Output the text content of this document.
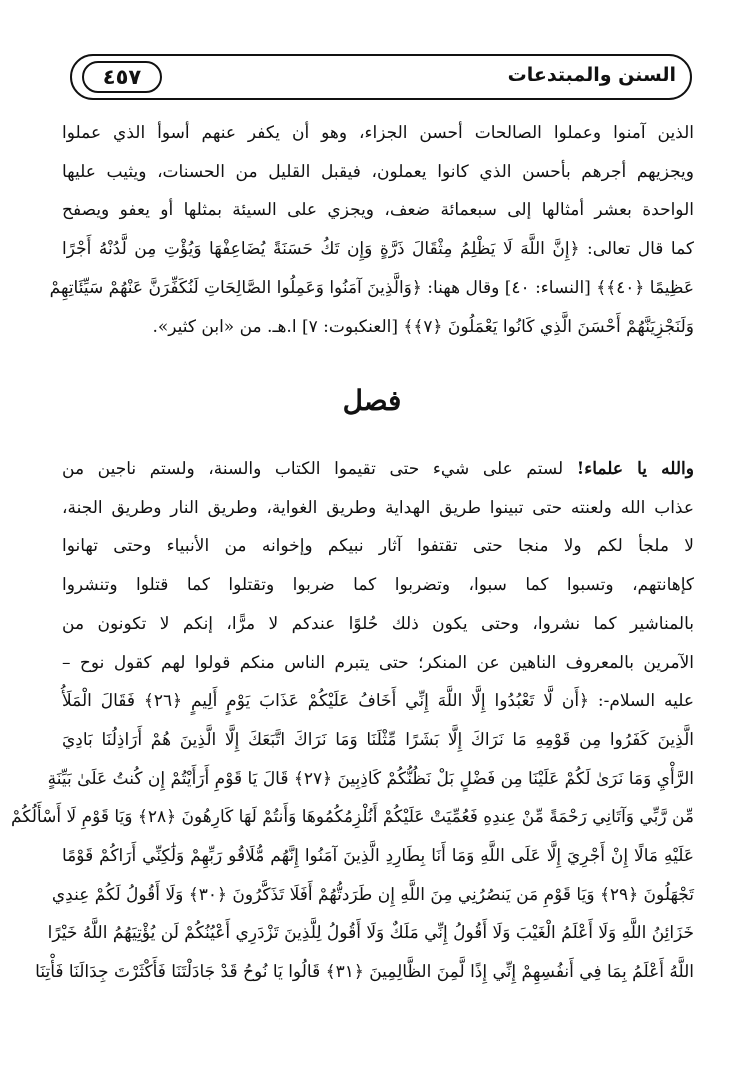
السنن والمبتدعات
٤٥٧
الذين آمنوا وعملوا الصالحات أحسن الجزاء، وهو أن يكفر عنهم أسوأ الذي عملوا
ويجزيهم أجرهم بأحسن الذي كانوا يعملون، فيقبل القليل من الحسنات، ويثيب عليها
الواحدة بعشر أمثالها إلى سبعمائة ضعف، ويجزي على السيئة بمثلها أو يعفو ويصفح
كما قال تعالى: ﴿إِنَّ اللَّهَ لَا يَظْلِمُ مِثْقَالَ ذَرَّةٍ وَإِن تَكُ حَسَنَةً يُضَاعِفْهَا وَيُؤْتِ مِن لَّدُنْهُ أَجْرًا
عَظِيمًا ﴿٤٠﴾﴾ [النساء: ٤٠] وقال ههنا: ﴿وَالَّذِينَ آمَنُوا وَعَمِلُوا الصَّالِحَاتِ لَنُكَفِّرَنَّ عَنْهُمْ سَيِّئَاتِهِمْ
وَلَنَجْزِيَنَّهُمْ أَحْسَنَ الَّذِي كَانُوا يَعْمَلُونَ ﴿٧﴾﴾ [العنكبوت: ٧] ا.هـ. من «ابن كثير».
فصل
والله يا علماء! لستم على شيء حتى تقيموا الكتاب والسنة، ولستم ناجين من
عذاب الله ولعنته حتى تبينوا طريق الهداية وطريق الغواية، وطريق النار وطريق الجنة،
لا ملجأ لكم ولا منجا حتى تقتفوا آثار نبيكم وإخوانه من الأنبياء وحتى تهانوا
كإهانتهم، وتسبوا كما سبوا، وتضربوا كما ضربوا وتقتلوا كما قتلوا وتنشروا
بالمناشير كما نشروا، وحتى يكون ذلك حُلوًا عندكم لا مرًّا، إنكم لا تكونون من
الآمرين بالمعروف الناهين عن المنكر؛ حتى يتبرم الناس منكم قولوا لهم كقول نوح –
عليه السلام-: ﴿أَن لَّا تَعْبُدُوا إِلَّا اللَّهَ إِنِّي أَخَافُ عَلَيْكُمْ عَذَابَ يَوْمٍ أَلِيمٍ ﴿٢٦﴾ فَقَالَ الْمَلَأُ
الَّذِينَ كَفَرُوا مِن قَوْمِهِ مَا نَرَاكَ إِلَّا بَشَرًا مِّثْلَنَا وَمَا نَرَاكَ اتَّبَعَكَ إِلَّا الَّذِينَ هُمْ أَرَاذِلُنَا بَادِيَ
الرَّأْيِ وَمَا نَرَىٰ لَكُمْ عَلَيْنَا مِن فَضْلٍ بَلْ نَظُنُّكُمْ كَاذِبِينَ ﴿٢٧﴾ قَالَ يَا قَوْمِ أَرَأَيْتُمْ إِن كُنتُ عَلَىٰ بَيِّنَةٍ
مِّن رَّبِّي وَآتَانِي رَحْمَةً مِّنْ عِندِهِ فَعُمِّيَتْ عَلَيْكُمْ أَنُلْزِمُكُمُوهَا وَأَنتُمْ لَهَا كَارِهُونَ ﴿٢٨﴾ وَيَا قَوْمِ لَا أَسْأَلُكُمْ
عَلَيْهِ مَالًا إِنْ أَجْرِيَ إِلَّا عَلَى اللَّهِ وَمَا أَنَا بِطَارِدِ الَّذِينَ آمَنُوا إِنَّهُم مُّلَاقُو رَبِّهِمْ وَلَٰكِنِّي أَرَاكُمْ قَوْمًا
تَجْهَلُونَ ﴿٢٩﴾ وَيَا قَوْمِ مَن يَنصُرُنِي مِنَ اللَّهِ إِن طَرَدتُّهُمْ أَفَلَا تَذَكَّرُونَ ﴿٣٠﴾ وَلَا أَقُولُ لَكُمْ عِندِي
خَزَائِنُ اللَّهِ وَلَا أَعْلَمُ الْغَيْبَ وَلَا أَقُولُ إِنِّي مَلَكٌ وَلَا أَقُولُ لِلَّذِينَ تَزْدَرِي أَعْيُنُكُمْ لَن يُؤْتِيَهُمُ اللَّهُ خَيْرًا
اللَّهُ أَعْلَمُ بِمَا فِي أَنفُسِهِمْ إِنِّي إِذًا لَّمِنَ الظَّالِمِينَ ﴿٣١﴾ قَالُوا يَا نُوحُ قَدْ جَادَلْتَنَا فَأَكْثَرْتَ جِدَالَنَا فَأْتِنَا
